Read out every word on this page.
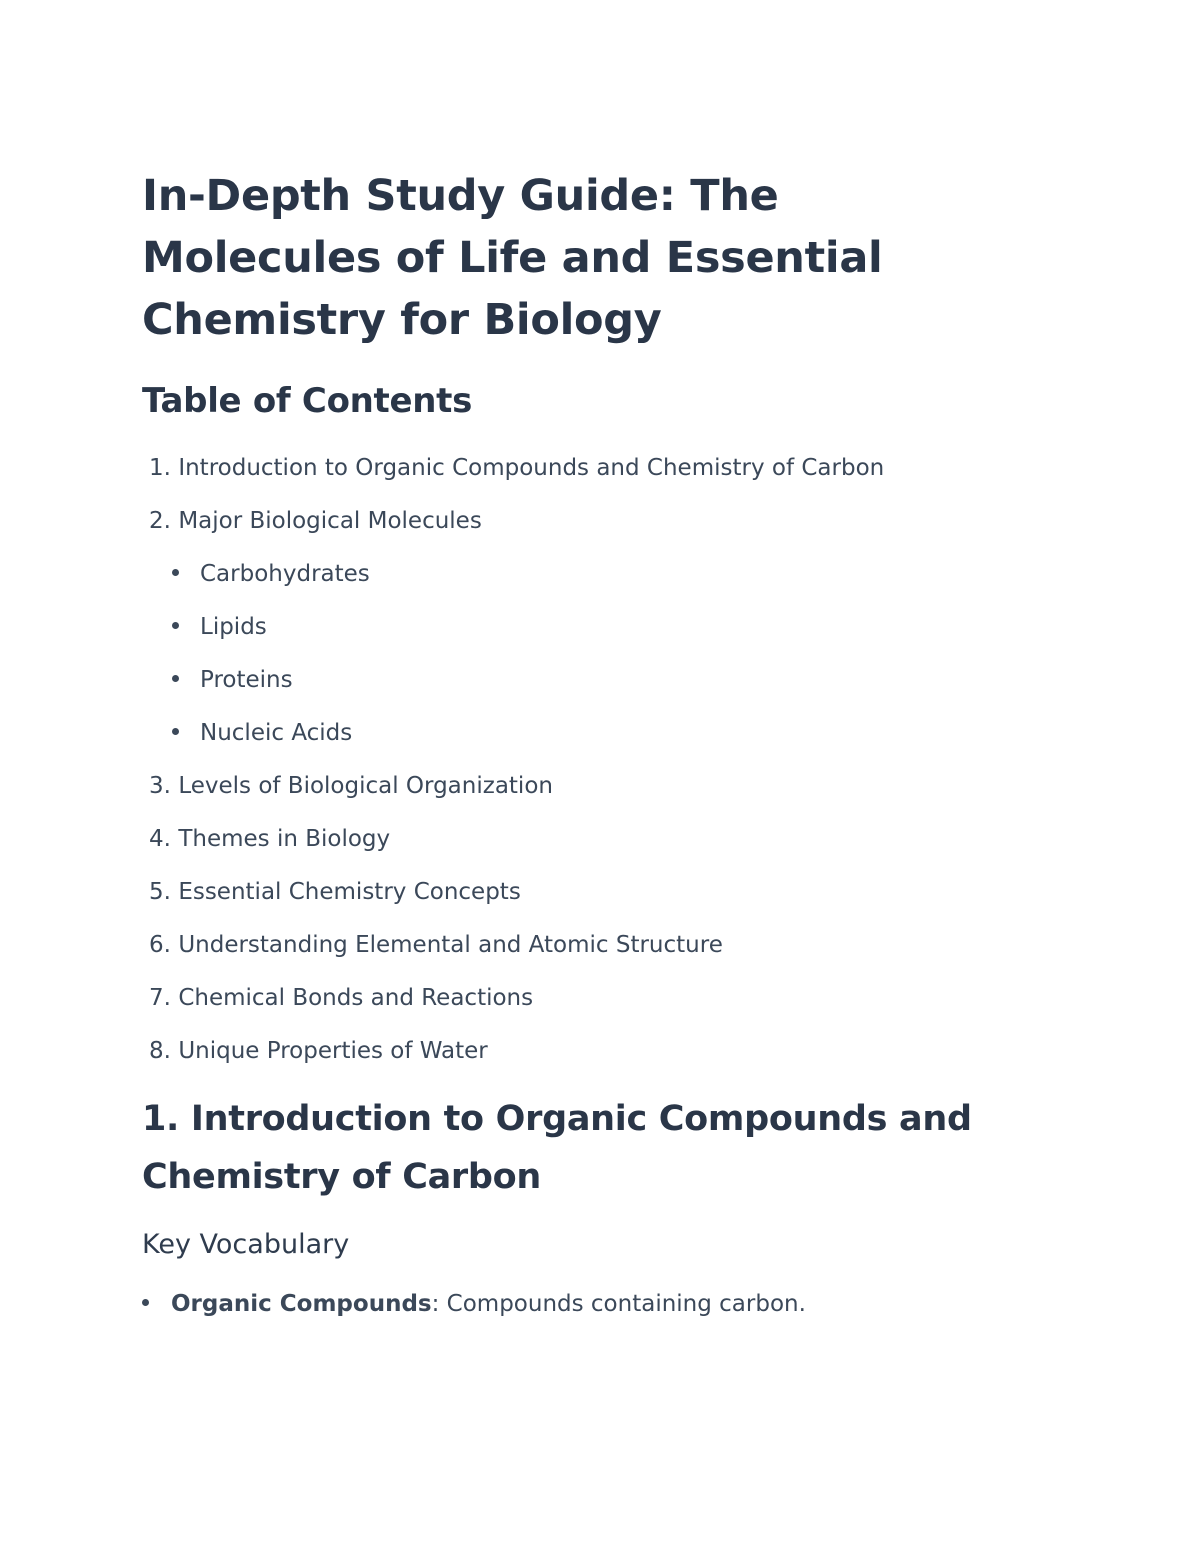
In-Depth Study Guide: The Molecules of Life and Essential Chemistry for Biology
Table of Contents
1. Introduction to Organic Compounds and Chemistry of Carbon
2. Major Biological Molecules
Carbohydrates
Lipids
Proteins
Nucleic Acids
3. Levels of Biological Organization
4. Themes in Biology
5. Essential Chemistry Concepts
6. Understanding Elemental and Atomic Structure
7. Chemical Bonds and Reactions
8. Unique Properties of Water
1. Introduction to Organic Compounds and Chemistry of Carbon
Key Vocabulary
Organic Compounds: Compounds containing carbon.
